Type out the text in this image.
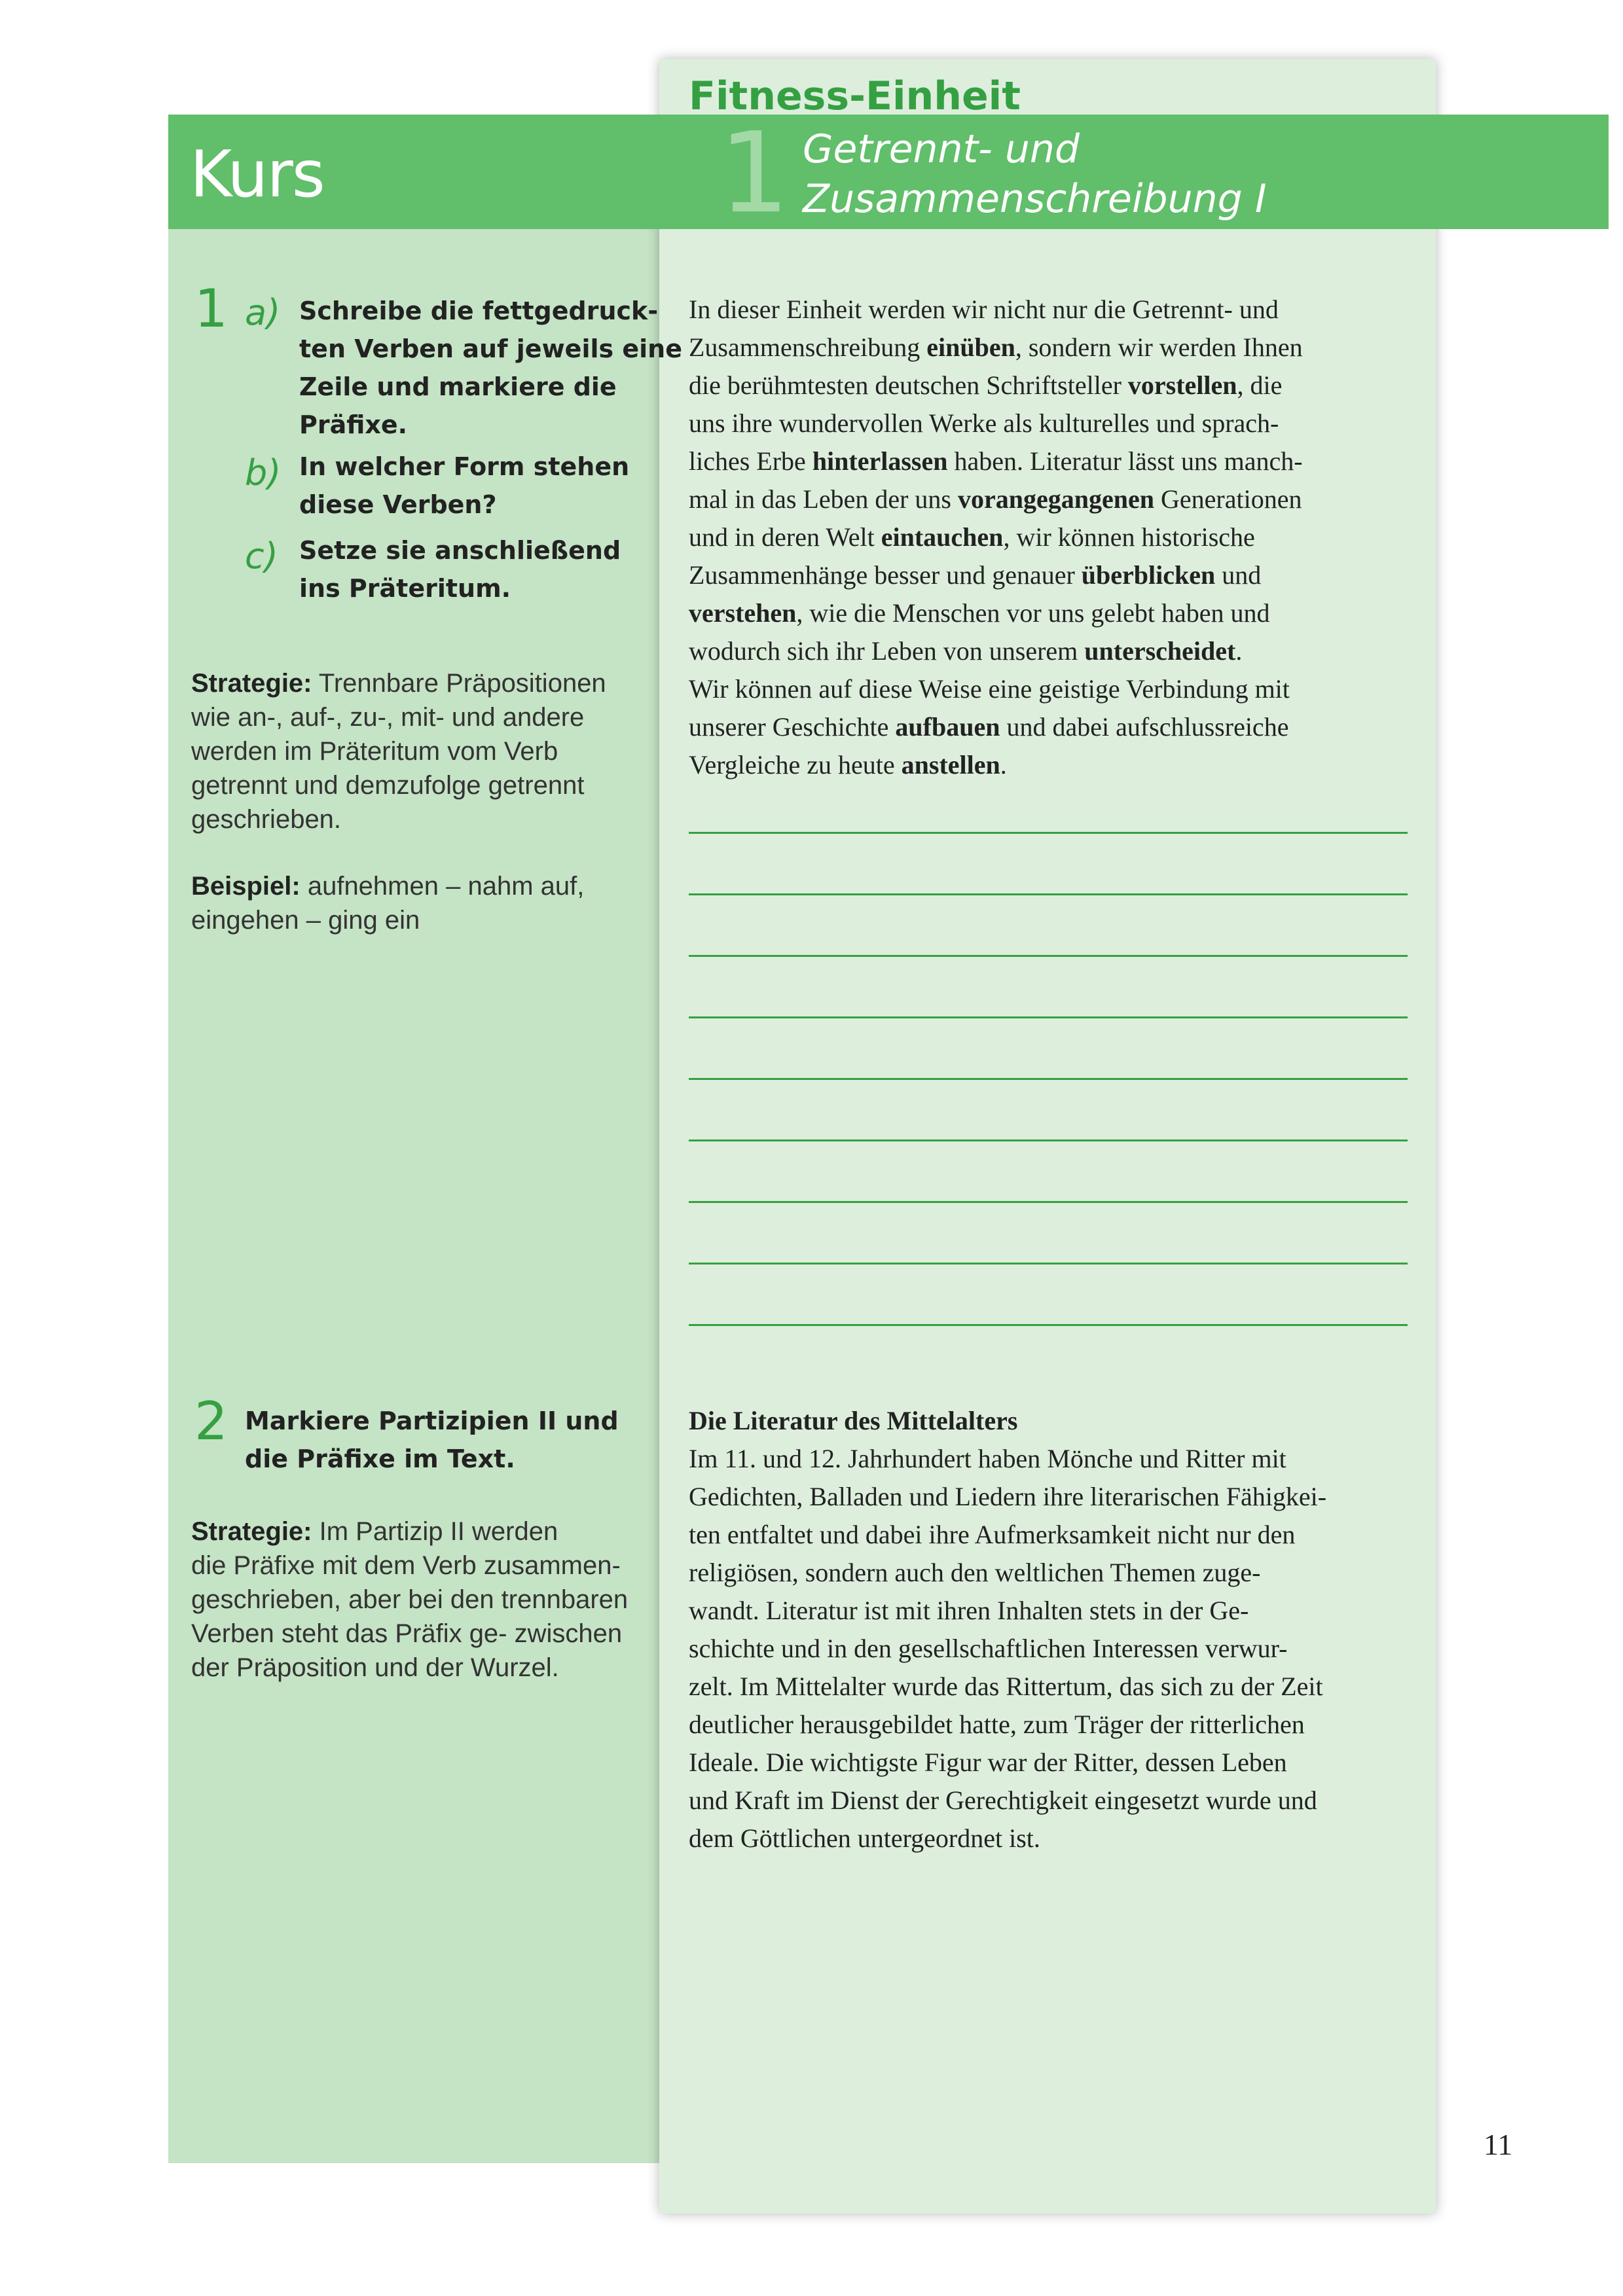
Kurs
Fitness-Einheit
1 Getrennt- und
Zusammenschreibung I
1 a) Schreibe die fettgedruck-
ten Verben auf jeweils eine
Zeile und markiere die
Präfixe.
b) In welcher Form stehen
diese Verben?
c) Setze sie anschließend
ins Präteritum.
Strategie: Trennbare Präpositionen
wie an-, auf-, zu-, mit- und andere
werden im Präteritum vom Verb
getrennt und demzufolge getrennt
geschrieben.
Beispiel: aufnehmen – nahm auf,
eingehen – ging ein
In dieser Einheit werden wir nicht nur die Getrennt- und
Zusammenschreibung einüben, sondern wir werden Ihnen
die berühmtesten deutschen Schriftsteller vorstellen, die
uns ihre wundervollen Werke als kulturelles und sprach-
liches Erbe hinterlassen haben. Literatur lässt uns manch-
mal in das Leben der uns vorangegangenen Generationen
und in deren Welt eintauchen, wir können historische
Zusammenhänge besser und genauer überblicken und
verstehen, wie die Menschen vor uns gelebt haben und
wodurch sich ihr Leben von unserem unterscheidet.
Wir können auf diese Weise eine geistige Verbindung mit
unserer Geschichte aufbauen und dabei aufschlussreiche
Vergleiche zu heute anstellen.
2 Markiere Partizipien II und
die Präfixe im Text.
Strategie: Im Partizip II werden
die Präfixe mit dem Verb zusammen-
geschrieben, aber bei den trennbaren
Verben steht das Präfix ge- zwischen
der Präposition und der Wurzel.
Die Literatur des Mittelalters
Im 11. und 12. Jahrhundert haben Mönche und Ritter mit
Gedichten, Balladen und Liedern ihre literarischen Fähigkei-
ten entfaltet und dabei ihre Aufmerksamkeit nicht nur den
religiösen, sondern auch den weltlichen Themen zuge-
wandt. Literatur ist mit ihren Inhalten stets in der Ge-
schichte und in den gesellschaftlichen Interessen verwur-
zelt. Im Mittelalter wurde das Rittertum, das sich zu der Zeit
deutlicher herausgebildet hatte, zum Träger der ritterlichen
Ideale. Die wichtigste Figur war der Ritter, dessen Leben
und Kraft im Dienst der Gerechtigkeit eingesetzt wurde und
dem Göttlichen untergeordnet ist.
11
